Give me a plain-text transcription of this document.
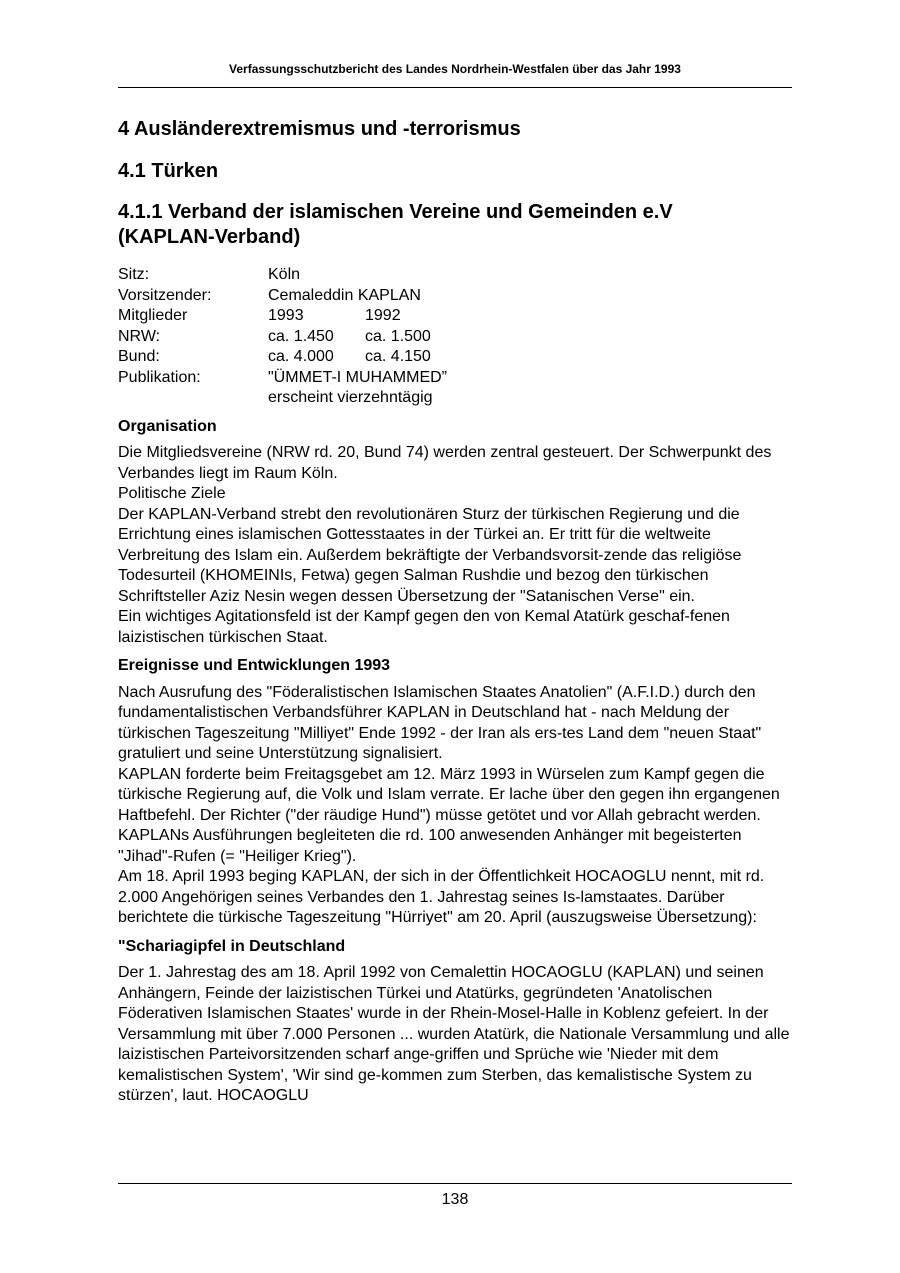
Verfassungsschutzbericht des Landes Nordrhein-Westfalen über das Jahr 1993
4 Ausländerextremismus und -terrorismus
4.1 Türken
4.1.1 Verband der islamischen Vereine und Gemeinden e.V
(KAPLAN-Verband)
Sitz:	Köln
Vorsitzender:	Cemaleddin KAPLAN
Mitglieder	1993	1992
NRW:	ca. 1.450	ca. 1.500
Bund:	ca. 4.000	ca. 4.150
Publikation:	"ÜMMET-I MUHAMMED”
erscheint vierzehntägig
Organisation

Die Mitgliedsvereine (NRW rd. 20, Bund 74) werden zentral gesteuert. Der Schwerpunkt des Verbandes liegt im Raum Köln.

Politische Ziele

Der KAPLAN-Verband strebt den revolutionären Sturz der türkischen Regierung und die Errichtung eines islamischen Gottesstaates in der Türkei an. Er tritt für die weltweite Verbreitung des Islam ein. Außerdem bekräftigte der Verbandsvorsit-zende das religiöse Todesurteil (KHOMEINIs, Fetwa) gegen Salman Rushdie und bezog den türkischen Schriftsteller Aziz Nesin wegen dessen Übersetzung der "Satanischen Verse" ein.

Ein wichtiges Agitationsfeld ist der Kampf gegen den von Kemal Atatürk geschaf-fenen laizistischen türkischen Staat.

Ereignisse und Entwicklungen 1993

Nach Ausrufung des "Föderalistischen Islamischen Staates Anatolien" (A.F.I.D.) durch den fundamentalistischen Verbandsführer KAPLAN in Deutschland hat - nach Meldung der türkischen Tageszeitung "Milliyet" Ende 1992 - der Iran als ers-tes Land dem "neuen Staat" gratuliert und seine Unterstützung signalisiert.

KAPLAN forderte beim Freitagsgebet am 12. März 1993 in Würselen zum Kampf gegen die türkische Regierung auf, die Volk und Islam verrate. Er lache über den gegen ihn ergangenen Haftbefehl. Der Richter ("der räudige Hund") müsse getötet und vor Allah gebracht werden. KAPLANs Ausführungen begleiteten die rd. 100 anwesenden Anhänger mit begeisterten "Jihad"-Rufen (= "Heiliger Krieg").

Am 18. April 1993 beging KAPLAN, der sich in der Öffentlichkeit HOCAOGLU nennt, mit rd. 2.000 Angehörigen seines Verbandes den 1. Jahrestag seines Is-lamstaates. Darüber berichtete die türkische Tageszeitung "Hürriyet" am 20. April (auszugsweise Übersetzung):

"Schariagipfel in Deutschland

Der 1. Jahrestag des am 18. April 1992 von Cemalettin HOCAOGLU (KAPLAN) und seinen Anhängern, Feinde der laizistischen Türkei und Atatürks, gegründeten 'Anatolischen Föderativen Islamischen Staates' wurde in der Rhein-Mosel-Halle in Koblenz gefeiert. In der Versammlung mit über 7.000 Personen ... wurden Atatürk, die Nationale Versammlung und alle laizistischen Parteivorsitzenden scharf ange-griffen und Sprüche wie 'Nieder mit dem kemalistischen System', 'Wir sind ge-kommen zum Sterben, das kemalistische System zu stürzen', laut. HOCAOGLU

138
